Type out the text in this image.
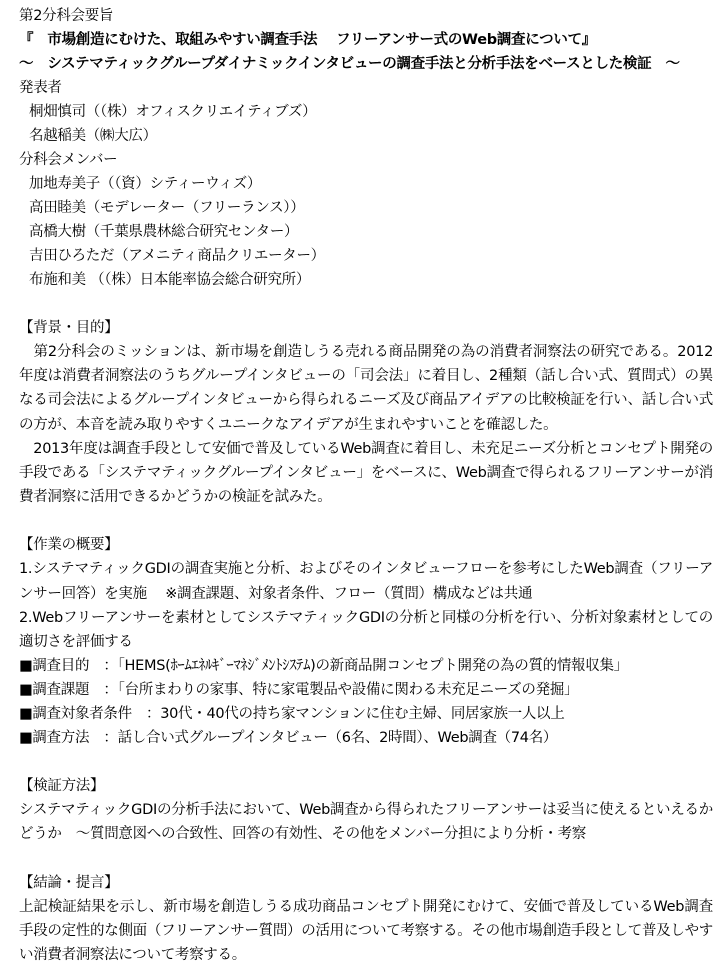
第2分科会要旨
『　市場創造にむけた、取組みやすい調査手法　 フリーアンサー式のWeb調査について』
～　システマティックグループダイナミックインタビューの調査手法と分析手法をベースとした検証　～
発表者
桐畑慎司（（株）オフィスクリエイティブズ）
名越稲美（㈱大広）
分科会メンバー
加地寿美子（（資）シティーウィズ）
高田睦美（モデレーター（フリーランス））
高橋大樹（千葉県農林総合研究センター）
吉田ひろただ（アメニティ商品クリエーター）
布施和美 （（株）日本能率協会総合研究所）
【背景・目的】

　第2分科会のミッションは、新市場を創造しうる売れる商品開発の為の消費者洞察法の研究である。2012年度は消費者洞察法のうちグループインタビューの「司会法」に着目し、2種類（話し合い式、質問式）の異なる司会法によるグループインタビューから得られるニーズ及び商品アイデアの比較検証を行い、話し合い式の方が、本音を読み取りやすくユニークなアイデアが生まれやすいことを確認した。

　2013年度は調査手段として安価で普及しているWeb調査に着目し、未充足ニーズ分析とコンセプト開発の手段である「システマティックグループインタビュー」をベースに、Web調査で得られるフリーアンサーが消費者洞察に活用できるかどうかの検証を試みた。

【作業の概要】

1.システマティックGDIの調査実施と分析、およびそのインタビューフローを参考にしたWeb調査（フリーアンサー回答）を実施　 ※調査課題、対象者条件、フロー（質問）構成などは共通

2.Webフリーアンサーを素材としてシステマティックGDIの分析と同様の分析を行い、分析対象素材としての適切さを評価する

■調査目的　：「HEMS(ﾎｰﾑｴﾈﾙｷﾞｰﾏﾈｼﾞﾒﾝﾄｼｽﾃﾑ)の新商品開コンセプト開発の為の質的情報収集」
■調査課題　：「台所まわりの家事、特に家電製品や設備に関わる未充足ニーズの発掘」
■調査対象者条件　：30代・40代の持ち家マンションに住む主婦、同居家族一人以上
■調査方法　：話し合い式グループインタビュー（6名、2時間）、Web調査（74名）
【検証方法】

システマティックGDIの分析手法において、Web調査から得られたフリーアンサーは妥当に使えるといえるかどうか　～質問意図への合致性、回答の有効性、その他をメンバー分担により分析・考察

【結論・提言】

上記検証結果を示し、新市場を創造しうる成功商品コンセプト開発にむけて、安価で普及しているWeb調査手段の定性的な側面（フリーアンサー質問）の活用について考察する。その他市場創造手段として普及しやすい消費者洞察法について考察する。
